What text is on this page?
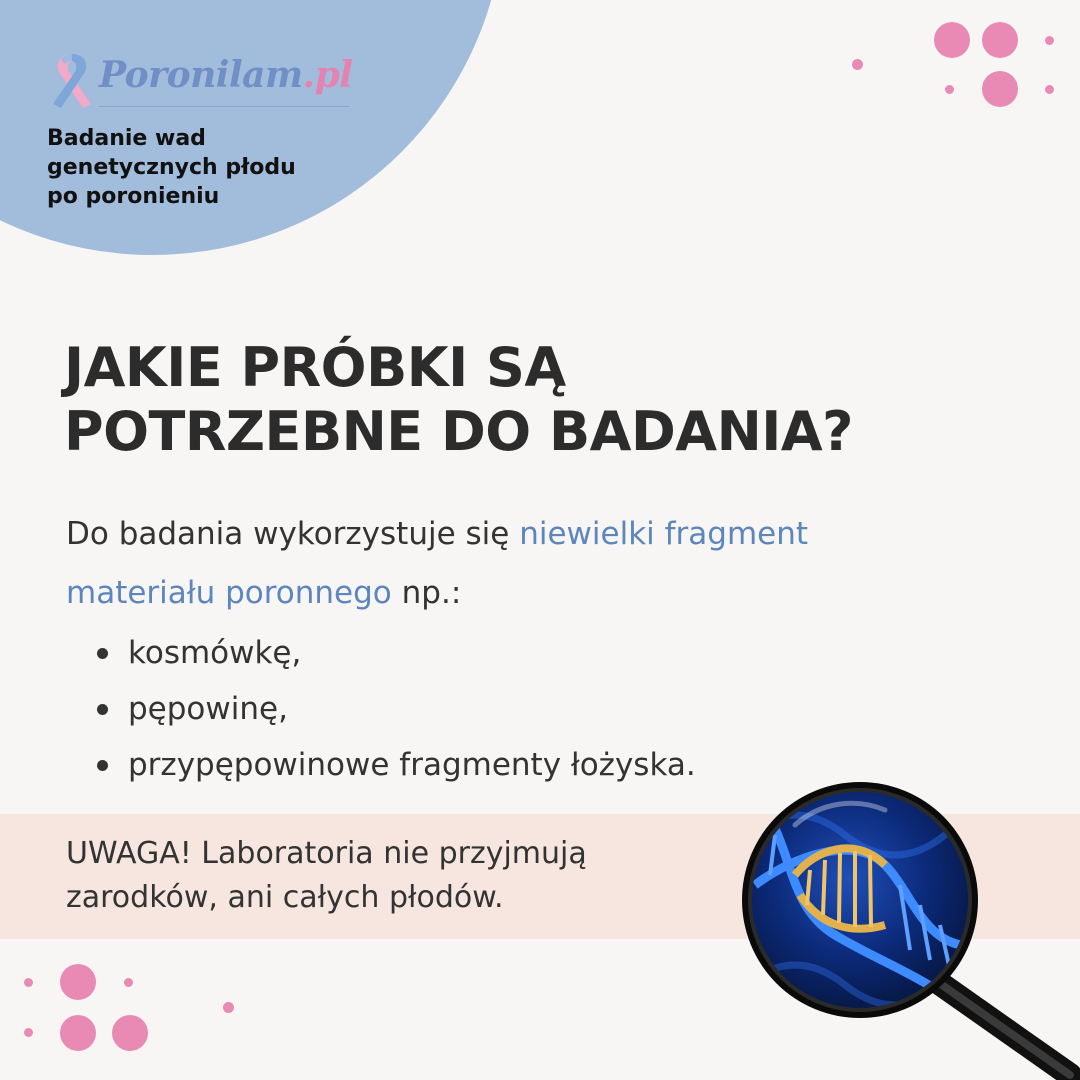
Poronilam.pl
Badanie wad
genetycznych płodu
po poronieniu
JAKIE PRÓBKI SĄ
POTRZEBNE DO BADANIA?
Do badania wykorzystuje się niewielki fragment
materiału poronnego np.:
kosmówkę,
pępowinę,
przypępowinowe fragmenty łożyska.
UWAGA! Laboratoria nie przyjmują
zarodków, ani całych płodów.
